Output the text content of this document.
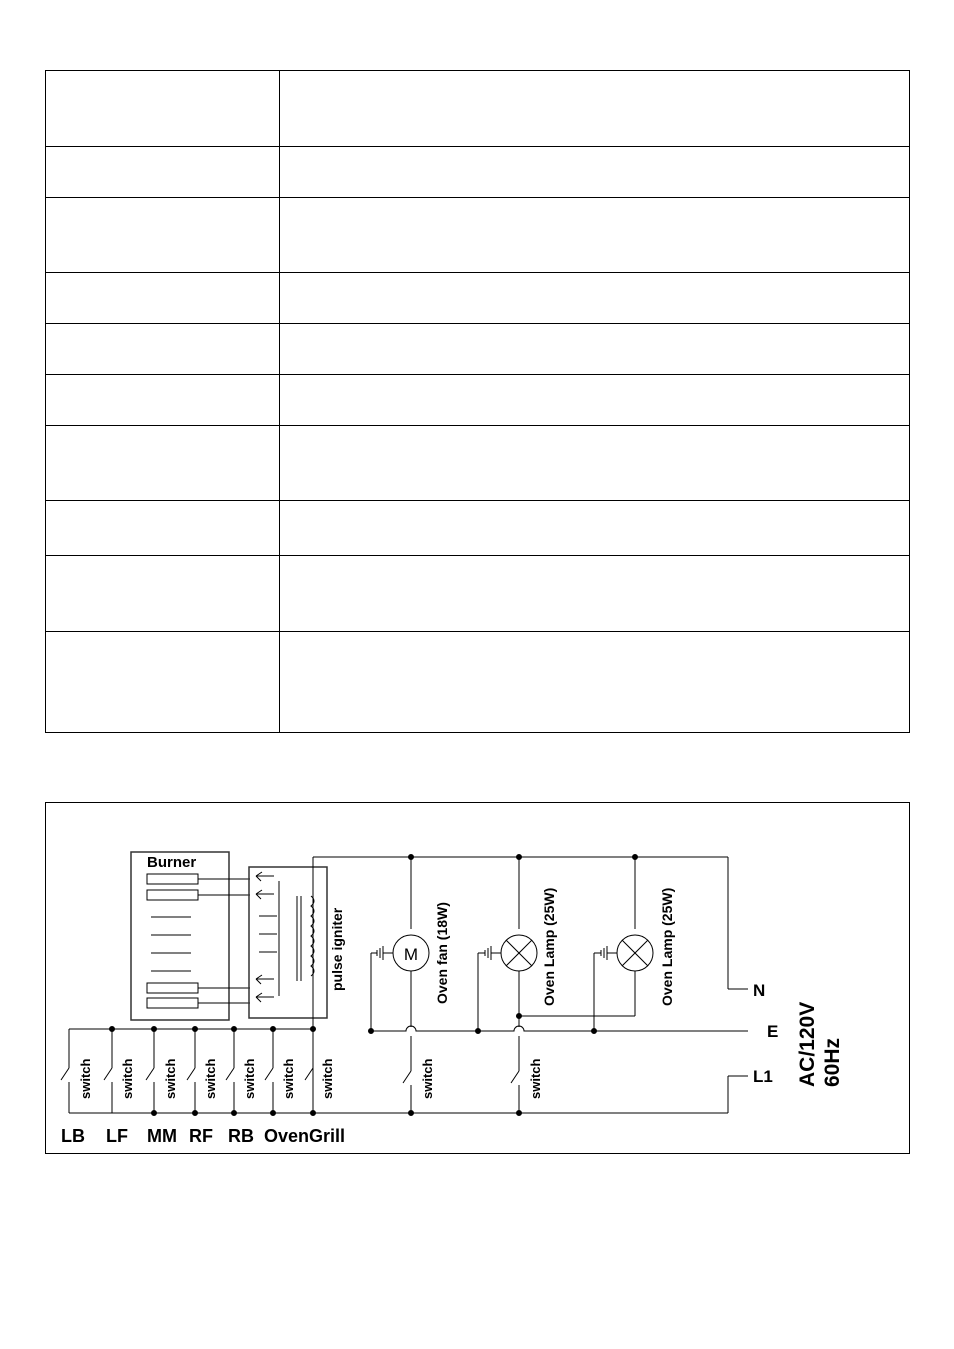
Burner
pulse igniter	M Oven fan (18W)	Oven Lamp (25W)	Oven Lamp (25W)
switch switch switch switch switch switch switch	switch	switch
N
E
L1 AC/120V 60Hz
LB LF MM RF RB OvenGrill
